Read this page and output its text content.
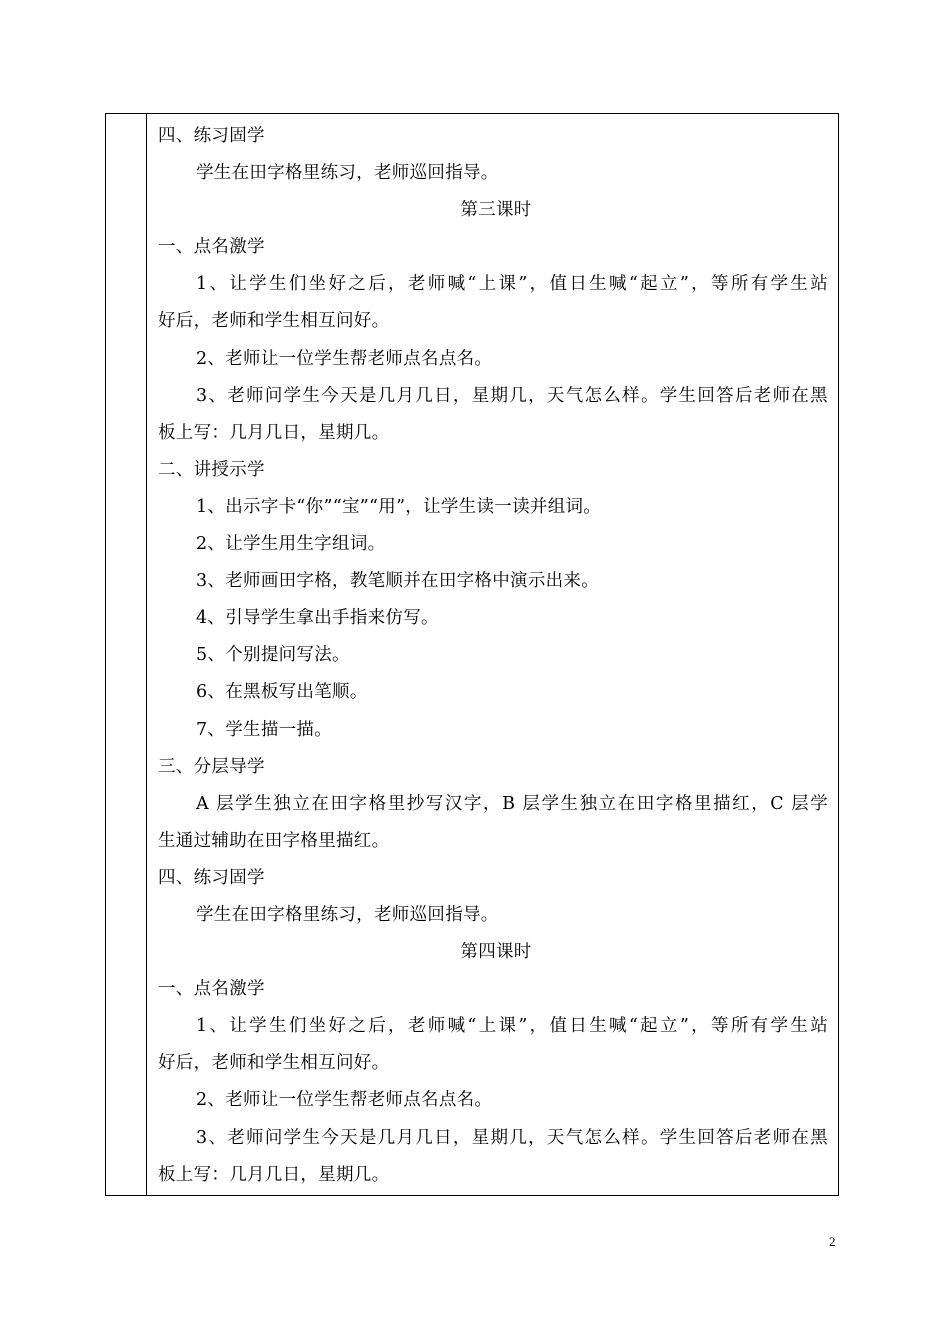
四、练习固学
学生在田字格里练习，老师巡回指导。
第三课时
一、点名激学
1、让学生们坐好之后，老师喊“上课”，值日生喊“起立”，等所有学生站
好后，老师和学生相互问好。
2、老师让一位学生帮老师点名点名。
3、老师问学生今天是几月几日，星期几，天气怎么样。学生回答后老师在黑
板上写：几月几日，星期几。
二、讲授示学
1、出示字卡“你”“宝”“用”，让学生读一读并组词。
2、让学生用生字组词。
3、老师画田字格，教笔顺并在田字格中演示出来。
4、引导学生拿出手指来仿写。
5、个别提问写法。
6、在黑板写出笔顺。
7、学生描一描。
三、分层导学
A 层学生独立在田字格里抄写汉字，B 层学生独立在田字格里描红，C 层学
生通过辅助在田字格里描红。
四、练习固学
学生在田字格里练习，老师巡回指导。
第四课时
一、点名激学
1、让学生们坐好之后，老师喊“上课”，值日生喊“起立”，等所有学生站
好后，老师和学生相互问好。
2、老师让一位学生帮老师点名点名。
3、老师问学生今天是几月几日，星期几，天气怎么样。学生回答后老师在黑
板上写：几月几日，星期几。
2
